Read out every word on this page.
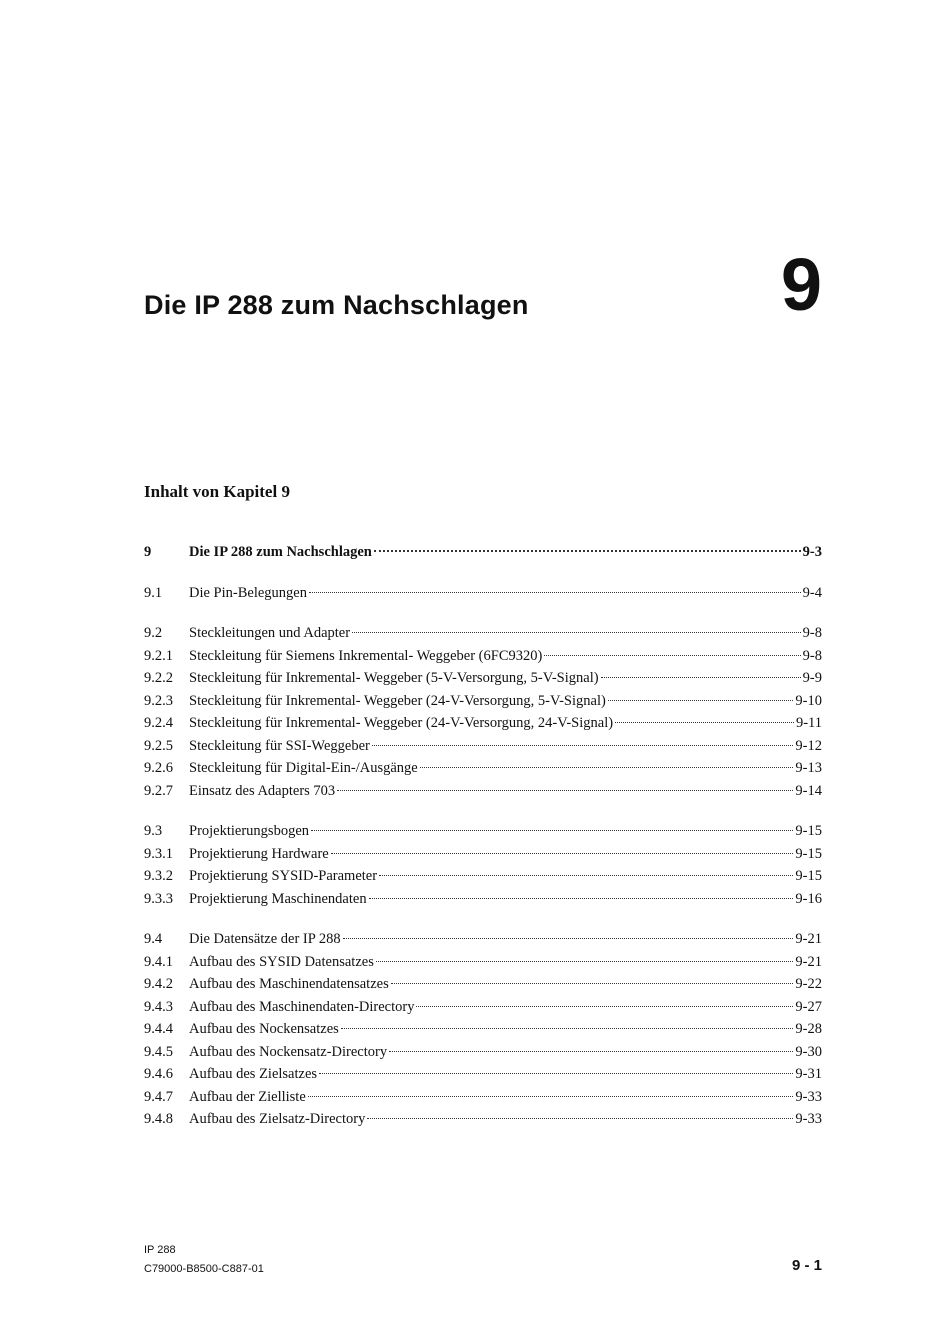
Die IP 288 zum Nachschlagen	9
Inhalt von Kapitel 9
9	Die IP 288 zum Nachschlagen	9-3
9.1	Die Pin-Belegungen	9-4
9.2	Steckleitungen und Adapter	9-8
9.2.1	Steckleitung für Siemens Inkremental- Weggeber (6FC9320)	9-8
9.2.2	Steckleitung für Inkremental- Weggeber (5-V-Versorgung, 5-V-Signal)	9-9
9.2.3	Steckleitung für Inkremental- Weggeber (24-V-Versorgung, 5-V-Signal)	9-10
9.2.4	Steckleitung für Inkremental- Weggeber (24-V-Versorgung, 24-V-Signal)	9-11
9.2.5	Steckleitung für SSI-Weggeber	9-12
9.2.6	Steckleitung für Digital-Ein-/Ausgänge	9-13
9.2.7	Einsatz des Adapters 703	9-14
9.3	Projektierungsbogen	9-15
9.3.1	Projektierung Hardware	9-15
9.3.2	Projektierung SYSID-Parameter	9-15
9.3.3	Projektierung Maschinendaten	9-16
9.4	Die Datensätze der IP 288	9-21
9.4.1	Aufbau des SYSID Datensatzes	9-21
9.4.2	Aufbau des Maschinendatensatzes	9-22
9.4.3	Aufbau des Maschinendaten-Directory	9-27
9.4.4	Aufbau des Nockensatzes	9-28
9.4.5	Aufbau des Nockensatz-Directory	9-30
9.4.6	Aufbau des Zielsatzes	9-31
9.4.7	Aufbau der Zielliste	9-33
9.4.8	Aufbau des Zielsatz-Directory	9-33
IP 288
C79000-B8500-C887-01	9 - 1
